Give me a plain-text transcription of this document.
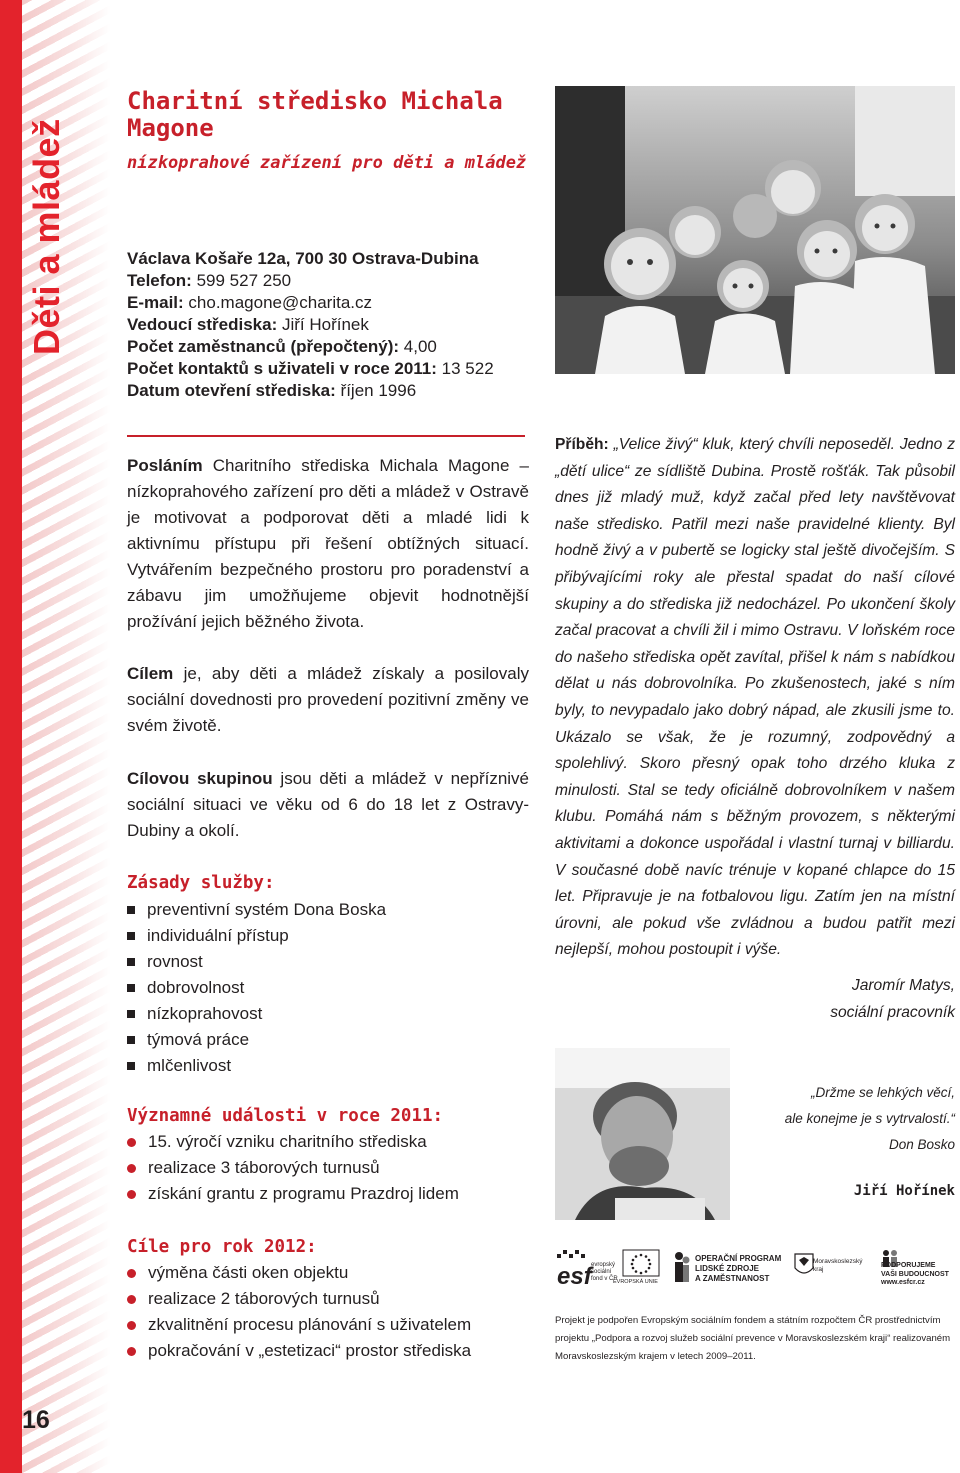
Děti a mládež
16
Charitní středisko Michala Magone
nízkoprahové zařízení pro děti a mládež
Václava Košaře 12a, 700 30 Ostrava-Dubina
Telefon: 599 527 250
E-mail: cho.magone@charita.cz
Vedoucí střediska: Jiří Hořínek
Počet zaměstnanců (přepočtený): 4,00
Počet kontaktů s uživateli v roce 2011: 13 522
Datum otevření střediska: říjen 1996
Posláním Charitního střediska Michala Magone – nízkoprahového zařízení pro děti a mládež v Ostravě je motivovat a podporovat děti a mladé lidi k aktivnímu přístupu při řešení obtížných situací. Vytvářením bezpečného prostoru pro poradenství a zábavu jim umožňujeme objevit hodnotnější prožívání jejich běžného života.
Cílem je, aby děti a mládež získaly a posilovaly sociální dovednosti pro provedení pozitivní změny ve svém životě.
Cílovou skupinou jsou děti a mládež v nepříznivé sociální situaci ve věku od 6 do 18 let z Ostravy-Dubiny a okolí.
Zásady služby:
preventivní systém Dona Boska
individuální přístup
rovnost
dobrovolnost
nízkoprahovost
týmová práce
mlčenlivost
Významné události v roce 2011:
15. výročí vzniku charitního střediska
realizace 3 táborových turnusů
získání grantu z programu Prazdroj lidem
Cíle pro rok 2012:
výměna části oken objektu
realizace 2 táborových turnusů
zkvalitnění procesu plánování s uživatelem
pokračování v „estetizaci“ prostor střediska
Příběh: „Velice živý“ kluk, který chvíli neposeděl. Jedno z „dětí ulice“ ze sídliště Dubina. Prostě rošťák. Tak působil dnes již mladý muž, když začal před lety navštěvovat naše středisko. Patřil mezi naše pravidelné klienty. Byl hodně živý a v pubertě se logicky stal ještě divočejším. S přibývajícími roky ale přestal spadat do naší cílové skupiny a do střediska již nedocházel. Po ukončení školy začal pracovat a chvíli žil i mimo Ostravu. V loňském roce do našeho střediska opět zavítal, přišel k nám s nabídkou dělat u nás dobrovolníka. Po zkušenostech, jaké s ním byly, to nevypadalo jako dobrý nápad, ale zkusili jsme to. Ukázalo se však, že je rozumný, zodpovědný a spolehlivý. Skoro přesný opak toho drzého kluka z minulosti. Stal se tedy oficiálně dobrovolníkem v našem klubu. Pomáhá nám s běžným provozem, s některými aktivitami a dokonce uspořádal i vlastní turnaj v billiardu. V současné době navíc trénuje v kopané chlapce do 15 let. Připravuje je na fotbalovou ligu. Zatím jen na místní úrovni, ale pokud vše zvládnou a budou patřit mezi nejlepší, mohou postoupit i výše.
Jaromír Matys,
sociální pracovník
„Držme se lehkých věcí,
ale konejme je s vytrvalostí.“
Don Bosko
Jiří Hořínek
esf evropský
sociální
fond v ČR
EVROPSKÁ UNIE
OPERAČNÍ PROGRAM
LIDSKÉ ZDROJE
A ZAMĚSTNANOST
Moravskoslezský kraj
PODPORUJEME
VAŠI BUDOUCNOST
www.esfcr.cz
Projekt je podpořen Evropským sociálním fondem a státním rozpočtem ČR prostřednictvím projektu „Podpora a rozvoj služeb sociální prevence v Moravskoslezském kraji“ realizovaném Moravskoslezským krajem v letech 2009–2011.
